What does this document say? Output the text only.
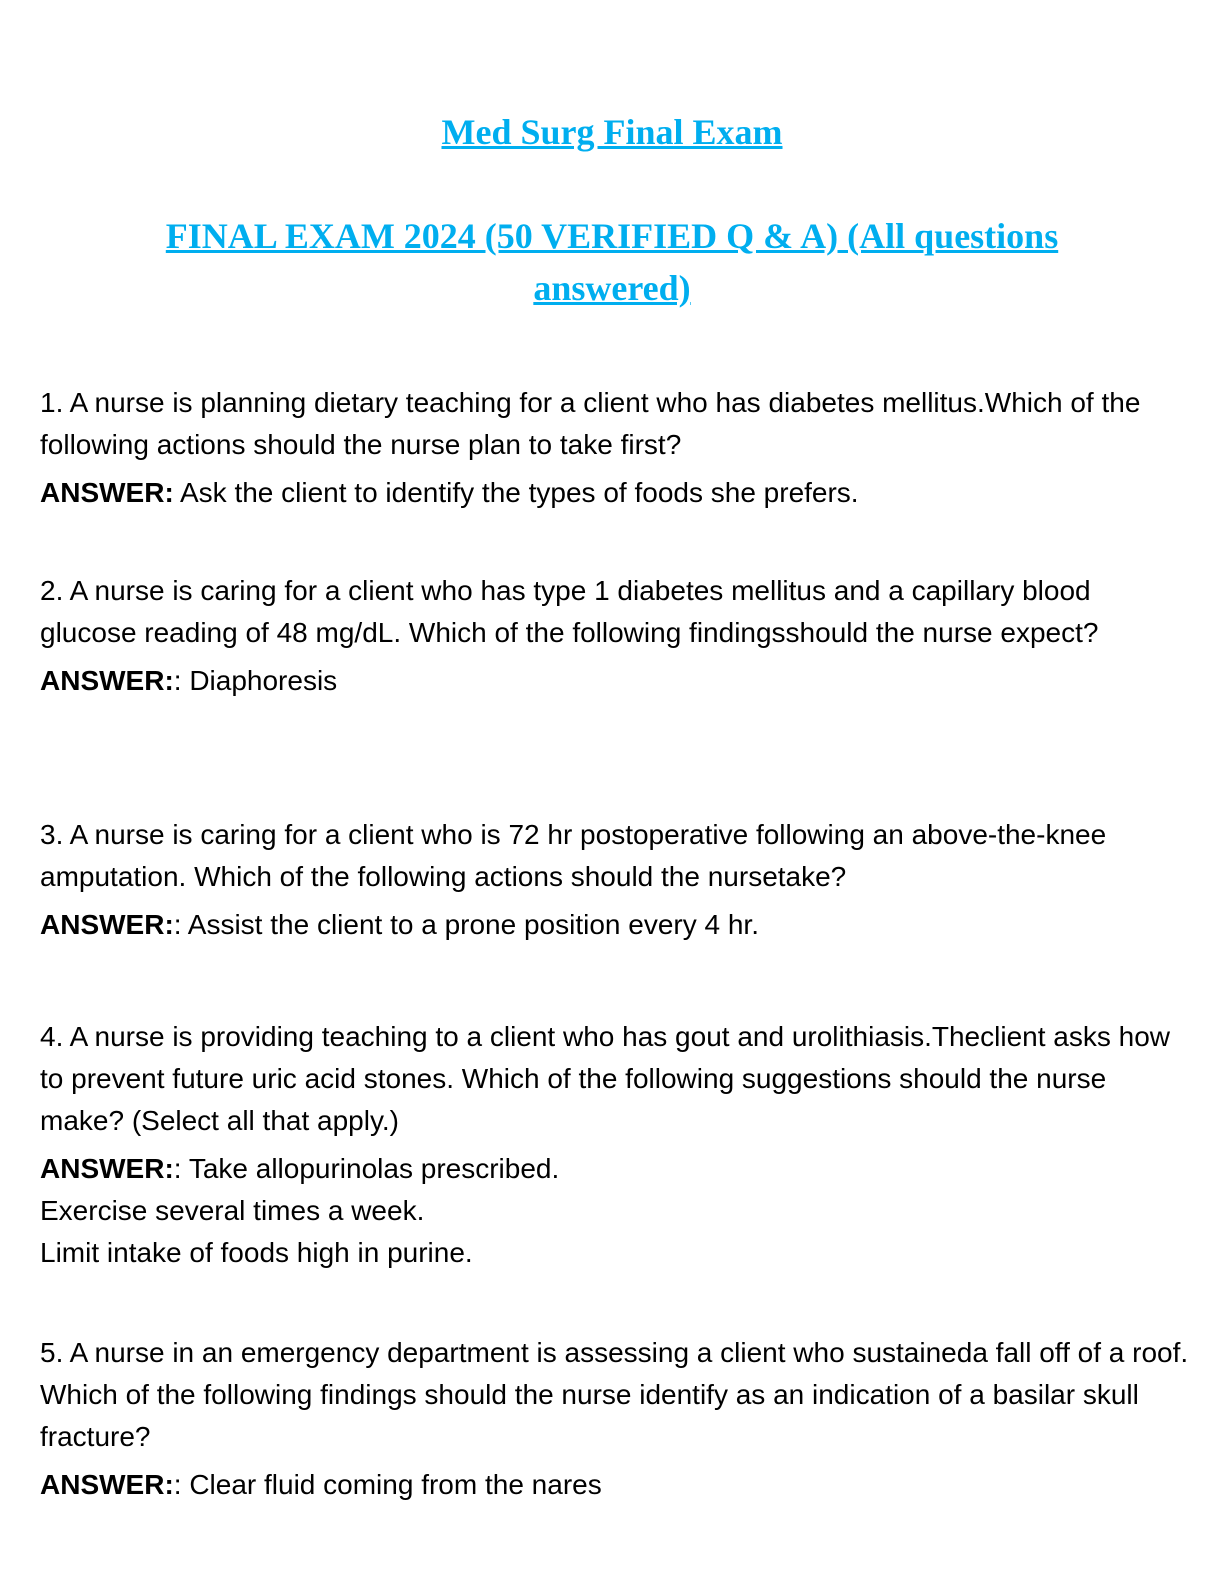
Med Surg Final Exam
FINAL EXAM 2024 (50 VERIFIED Q & A) (All questions
answered)

1. A nurse is planning dietary teaching for a client who has diabetes mellitus.Which of the following actions should the nurse plan to take first?

ANSWER: Ask the client to identify the types of foods she prefers.

2. A nurse is caring for a client who has type 1 diabetes mellitus and a capillary blood glucose reading of 48 mg/dL. Which of the following findingsshould the nurse expect?

ANSWER:: Diaphoresis

3. A nurse is caring for a client who is 72 hr postoperative following an above-the-knee amputation. Which of the following actions should the nursetake?

ANSWER:: Assist the client to a prone position every 4 hr.

4. A nurse is providing teaching to a client who has gout and urolithiasis.Theclient asks how to prevent future uric acid stones. Which of the following suggestions should the nurse make? (Select all that apply.)

ANSWER:: Take allopurinolas prescribed.
Exercise several times a week.
Limit intake of foods high in purine.

5. A nurse in an emergency department is assessing a client who sustaineda fall off of a roof. Which of the following findings should the nurse identify as an indication of a basilar skull fracture?

ANSWER:: Clear fluid coming from the nares
